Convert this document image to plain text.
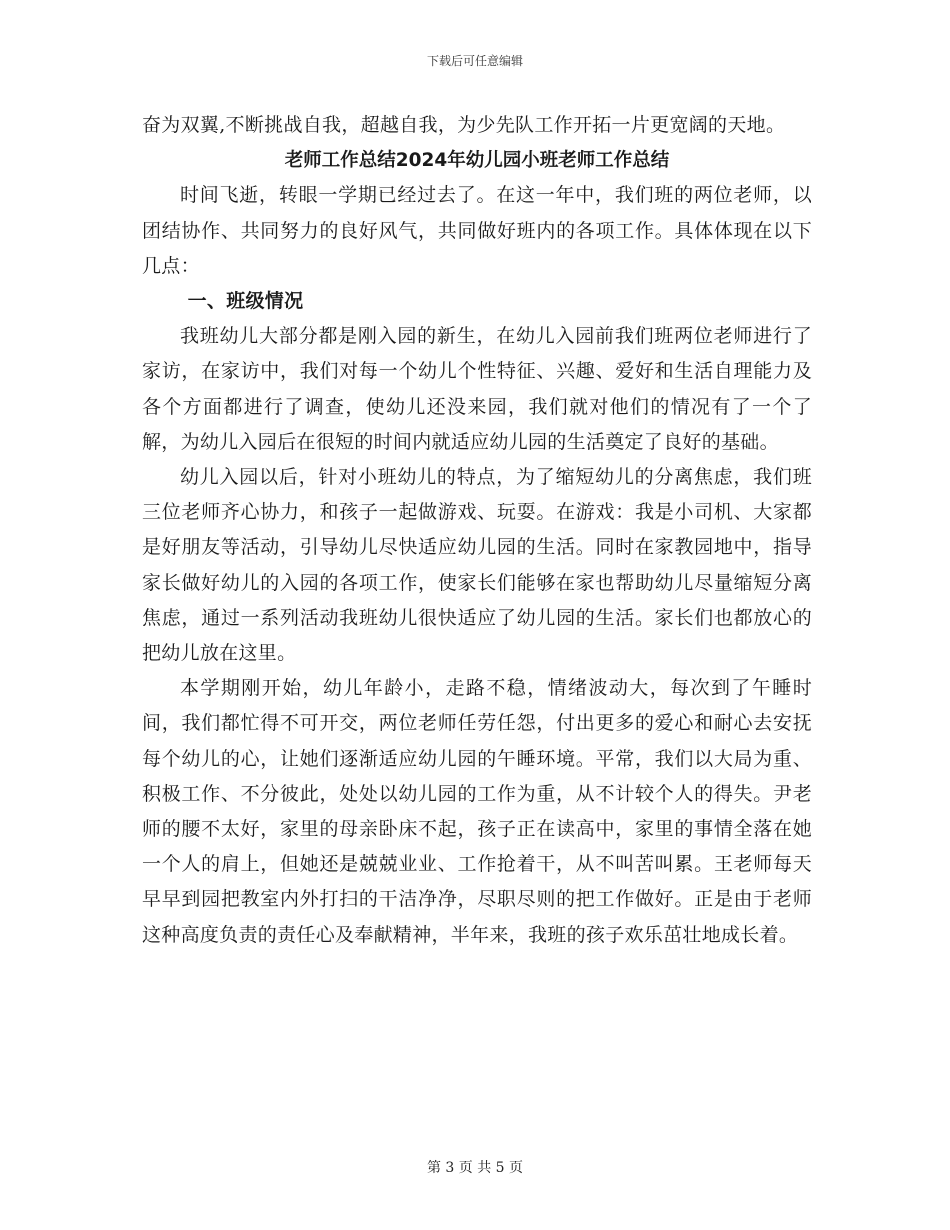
下载后可任意编辑

奋为双翼,不断挑战自我，超越自我，为少先队工作开拓一片更宽阔的天地。

老师工作总结2024年幼儿园小班老师工作总结

时间飞逝，转眼一学期已经过去了。在这一年中，我们班的两位老师，以团结协作、共同努力的良好风气，共同做好班内的各项工作。具体体现在以下几点：

一、班级情况

我班幼儿大部分都是刚入园的新生，在幼儿入园前我们班两位老师进行了家访，在家访中，我们对每一个幼儿个性特征、兴趣、爱好和生活自理能力及各个方面都进行了调查，使幼儿还没来园，我们就对他们的情况有了一个了解，为幼儿入园后在很短的时间内就适应幼儿园的生活奠定了良好的基础。

幼儿入园以后，针对小班幼儿的特点，为了缩短幼儿的分离焦虑，我们班三位老师齐心协力，和孩子一起做游戏、玩耍。在游戏：我是小司机、大家都是好朋友等活动，引导幼儿尽快适应幼儿园的生活。同时在家教园地中，指导家长做好幼儿的入园的各项工作，使家长们能够在家也帮助幼儿尽量缩短分离焦虑，通过一系列活动我班幼儿很快适应了幼儿园的生活。家长们也都放心的把幼儿放在这里。

本学期刚开始，幼儿年龄小，走路不稳，情绪波动大，每次到了午睡时间，我们都忙得不可开交，两位老师任劳任怨，付出更多的爱心和耐心去安抚每个幼儿的心，让她们逐渐适应幼儿园的午睡环境。平常，我们以大局为重、积极工作、不分彼此，处处以幼儿园的工作为重，从不计较个人的得失。尹老师的腰不太好，家里的母亲卧床不起，孩子正在读高中，家里的事情全落在她一个人的肩上，但她还是兢兢业业、工作抢着干，从不叫苦叫累。王老师每天早早到园把教室内外打扫的干洁净净，尽职尽则的把工作做好。正是由于老师这种高度负责的责任心及奉献精神，半年来，我班的孩子欢乐茁壮地成长着。

第 3 页 共 5 页
